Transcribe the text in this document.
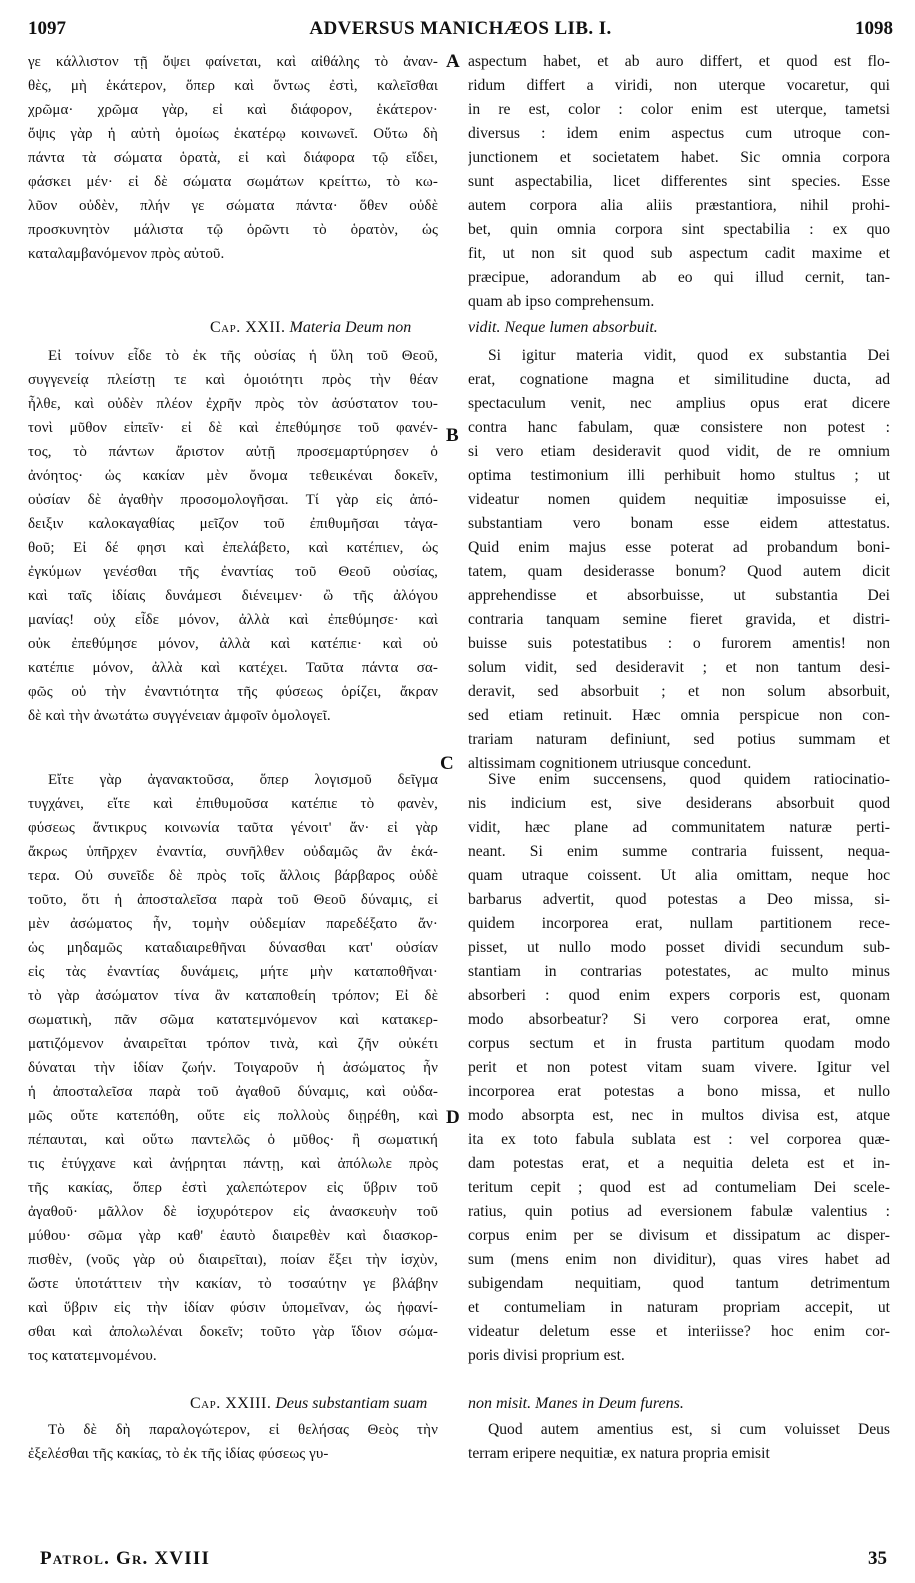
1097	ADVERSUS MANICHÆOS LIB. I.	1098
γε κάλλιστον τῇ ὄψει φαίνεται, καὶ αἰθάλης τὸ ἀναν-
θὲς, μὴ ἑκάτερον, ὅπερ καὶ ὄντως ἐστὶ, καλεῖσθαι
χρῶμα· χρῶμα γὰρ, εἰ καὶ διάφορον, ἑκάτερον·
ὄψις γὰρ ἡ αὐτὴ ὁμοίως ἑκατέρῳ κοινωνεῖ. Οὕτω δὴ
πάντα τὰ σώματα ὁρατὰ, εἰ καὶ διάφορα τῷ εἴδει,
φάσκει μέν· εἰ δὲ σώματα σωμάτων κρείττω, τὸ κω-
λῦον οὐδὲν, πλήν γε σώματα πάντα· ὅθεν οὐδὲ
προσκυνητὸν μάλιστα τῷ ὁρῶντι τὸ ὁρατὸν, ὡς
καταλαμβανόμενον πρὸς αὐτοῦ.
aspectum habet, et ab auro differt, et quod est flo-
ridum differt a viridi, non uterque vocaretur, qui
in re est, color : color enim est uterque, tametsi
diversus : idem enim aspectus cum utroque con-
junctionem et societatem habet. Sic omnia corpora
sunt aspectabilia, licet differentes sint species. Esse
autem corpora alia aliis præstantiora, nihil prohi-
bet, quin omnia corpora sint spectabilia : ex quo
fit, ut non sit quod sub aspectum cadit maxime et
præcipue, adorandum ab eo qui illud cernit, tan-
quam ab ipso comprehensum.
Cap. XXII. Materia Deum non	vidit. Neque lumen absorbuit.
Εἰ τοίνυν εἶδε τὸ ἐκ τῆς οὐσίας ἡ ὕλη τοῦ Θεοῦ,
συγγενείᾳ πλείστῃ τε καὶ ὁμοιότητι πρὸς τὴν θέαν
ἦλθε, καὶ οὐδὲν πλέον ἐχρῆν πρὸς τὸν ἀσύστατον του-
τονὶ μῦθον εἰπεῖν· εἰ δὲ καὶ ἐπεθύμησε τοῦ φανέν-
τος, τὸ πάντων ἄριστον αὐτῇ προσεμαρτύρησεν ὁ
ἀνόητος· ὡς κακίαν μὲν ὄνομα τεθεικέναι δοκεῖν,
οὐσίαν δὲ ἀγαθὴν προσομολογῆσαι. Τί γὰρ εἰς ἀπό-
δειξιν καλοκαγαθίας μεῖζον τοῦ ἐπιθυμῆσαι τἀγα-
θοῦ; Εἰ δέ φησι καὶ ἐπελάβετο, καὶ κατέπιεν, ὡς
ἐγκύμων γενέσθαι τῆς ἐναντίας τοῦ Θεοῦ οὐσίας,
καὶ ταῖς ἰδίαις δυνάμεσι διένειμεν· ὢ τῆς ἀλόγου
μανίας! οὐχ εἶδε μόνον, ἀλλὰ καὶ ἐπεθύμησε· καὶ
οὐκ ἐπεθύμησε μόνον, ἀλλὰ καὶ κατέπιε· καὶ οὐ
κατέπιε μόνον, ἀλλὰ καὶ κατέχει. Ταῦτα πάντα σα-
φῶς οὐ τὴν ἐναντιότητα τῆς φύσεως ὁρίζει, ἄκραν
δὲ καὶ τὴν ἀνωτάτω συγγένειαν ἀμφοῖν ὁμολογεῖ.
Si igitur materia vidit, quod ex substantia Dei
erat, cognatione magna et similitudine ducta, ad
spectaculum venit, nec amplius opus erat dicere
contra hanc fabulam, quæ consistere non potest :
si vero etiam desideravit quod vidit, de re omnium
optima testimonium illi perhibuit homo stultus ; ut
videatur nomen quidem nequitiæ imposuisse ei,
substantiam vero bonam esse eidem attestatus.
Quid enim majus esse poterat ad probandum boni-
tatem, quam desiderasse bonum? Quod autem dicit
apprehendisse et absorbuisse, ut substantia Dei
contraria tanquam semine fieret gravida, et distri-
buisse suis potestatibus : o furorem amentis! non
solum vidit, sed desideravit ; et non tantum desi-
deravit, sed absorbuit ; et non solum absorbuit,
sed etiam retinuit. Hæc omnia perspicue non con-
trariam naturam definiunt, sed potius summam et
altissimam cognitionem utriusque concedunt.
Εἴτε γὰρ ἀγανακτοῦσα, ὅπερ λογισμοῦ δεῖγμα
τυγχάνει, εἴτε καὶ ἐπιθυμοῦσα κατέπιε τὸ φανὲν,
φύσεως ἄντικρυς κοινωνία ταῦτα γένοιτ' ἄν· εἰ γὰρ
ἄκρως ὑπῆρχεν ἐναντία, συνῆλθεν οὐδαμῶς ἂν ἑκά-
τερα. Οὐ συνεῖδε δὲ πρὸς τοῖς ἄλλοις βάρβαρος οὐδὲ
τοῦτο, ὅτι ἡ ἀποσταλεῖσα παρὰ τοῦ Θεοῦ δύναμις, εἰ
μὲν ἀσώματος ἦν, τομὴν οὐδεμίαν παρεδέξατο ἄν·
ὡς μηδαμῶς καταδιαιρεθῆναι δύνασθαι κατ' οὐσίαν
εἰς τὰς ἐναντίας δυνάμεις, μήτε μὴν καταποθῆναι·
τὸ γὰρ ἀσώματον τίνα ἂν καταποθείη τρόπον; Εἰ δὲ
σωματικὴ, πᾶν σῶμα κατατεμνόμενον καὶ κατακερ-
ματιζόμενον ἀναιρεῖται τρόπον τινὰ, καὶ ζῆν οὐκέτι
δύναται τὴν ἰδίαν ζωήν. Τοιγαροῦν ἡ ἀσώματος ἦν
ἡ ἀποσταλεῖσα παρὰ τοῦ ἀγαθοῦ δύναμις, καὶ οὐδα-
μῶς οὔτε κατεπόθη, οὔτε εἰς πολλοὺς διῃρέθη, καὶ
πέπαυται, καὶ οὕτω παντελῶς ὁ μῦθος· ἢ σωματική
τις ἐτύγχανε καὶ ἀνῄρηται πάντῃ, καὶ ἀπόλωλε πρὸς
τῆς κακίας, ὅπερ ἐστὶ χαλεπώτερον εἰς ὕβριν τοῦ
ἀγαθοῦ· μᾶλλον δὲ ἰσχυρότερον εἰς ἀνασκευὴν τοῦ
μύθου· σῶμα γὰρ καθ' ἑαυτὸ διαιρεθὲν καὶ διασκορ-
πισθὲν, (νοῦς γὰρ οὐ διαιρεῖται), ποίαν ἕξει τὴν ἰσχὺν,
ὥστε ὑποτάττειν τὴν κακίαν, τὸ τοσαύτην γε βλάβην
καὶ ὕβριν εἰς τὴν ἰδίαν φύσιν ὑπομεῖναν, ὡς ἠφανί-
σθαι καὶ ἀπολωλέναι δοκεῖν; τοῦτο γὰρ ἴδιον σώμα-
τος κατατεμνομένου.
Sive enim succensens, quod quidem ratiocinatio-
nis indicium est, sive desiderans absorbuit quod
vidit, hæc plane ad communitatem naturæ perti-
neant. Si enim summe contraria fuissent, nequa-
quam utraque coissent. Ut alia omittam, neque hoc
barbarus advertit, quod potestas a Deo missa, si-
quidem incorporea erat, nullam partitionem rece-
pisset, ut nullo modo posset dividi secundum sub-
stantiam in contrarias potestates, ac multo minus
absorberi : quod enim expers corporis est, quonam
modo absorbeatur? Si vero corporea erat, omne
corpus sectum et in frusta partitum quodam modo
perit et non potest vitam suam vivere. Igitur vel
incorporea erat potestas a bono missa, et nullo
modo absorpta est, nec in multos divisa est, atque
ita ex toto fabula sublata est : vel corporea quæ-
dam potestas erat, et a nequitia deleta est et in-
teritum cepit ; quod est ad contumeliam Dei scele-
ratius, quin potius ad eversionem fabulæ valentius :
corpus enim per se divisum et dissipatum ac disper-
sum (mens enim non dividitur), quas vires habet ad
subigendam nequitiam, quod tantum detrimentum
et contumeliam in naturam propriam accepit, ut
videatur deletum esse et interiisse? hoc enim cor-
poris divisi proprium est.
Cap. XXIII. Deus substantiam suam	non misit. Manes in Deum furens.
Τὸ δὲ δὴ παραλογώτερον, εἰ θελήσας Θεὸς τὴν
ἐξελέσθαι τῆς κακίας, τὸ ἐκ τῆς ἰδίας φύσεως γυ-
Quod autem amentius est, si cum voluisset Deus
terram eripere nequitiæ, ex natura propria emisit
A
B
C
D
Patrol. Gr. XVIII	35
